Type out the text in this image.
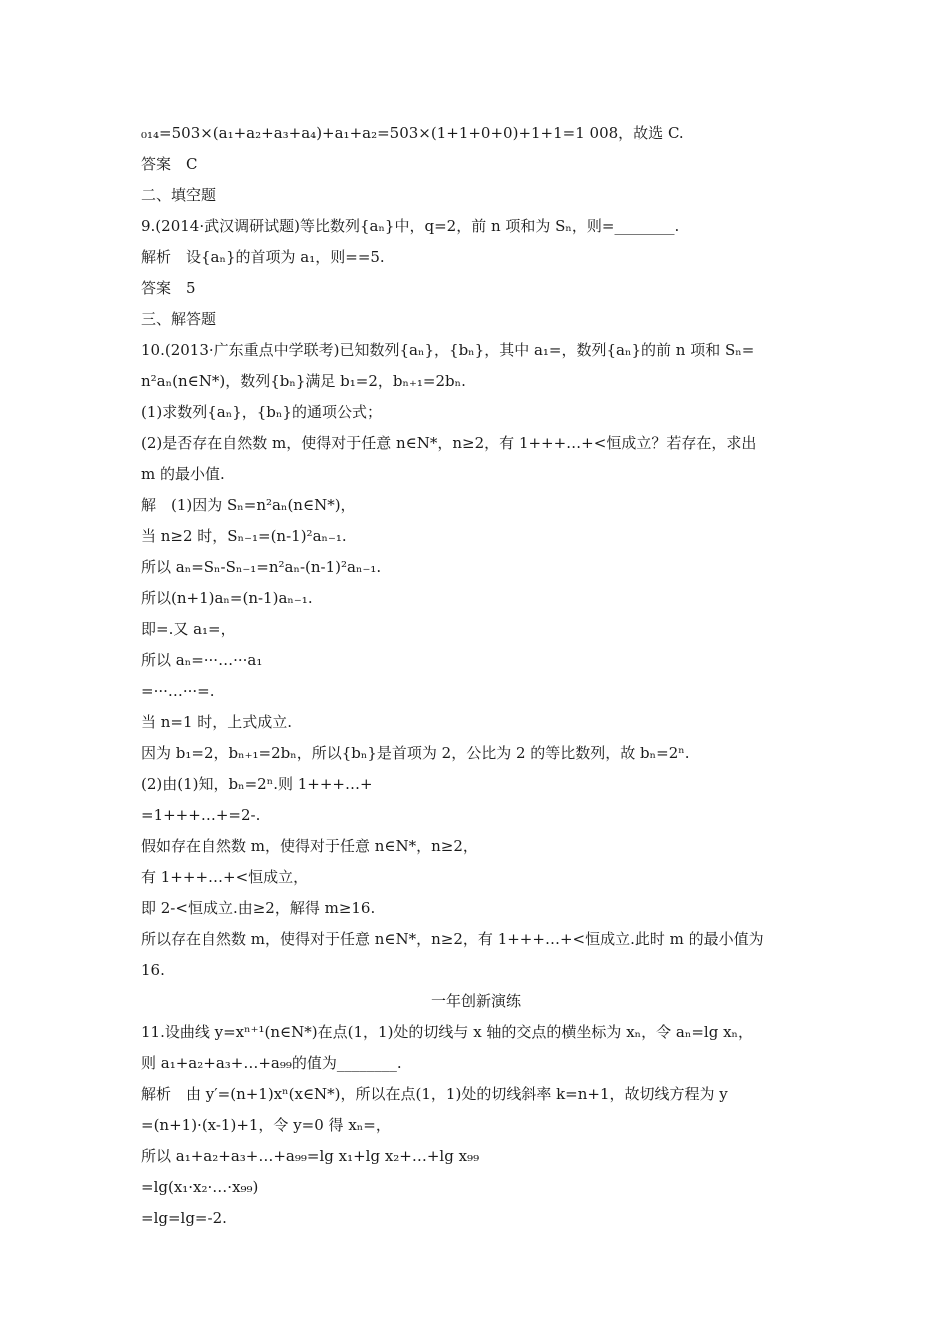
₀₁₄=503×(a₁+a₂+a₃+a₄)+a₁+a₂=503×(1+1+0+0)+1+1=1 008，故选 C.
答案　C
二、填空题
9.(2014·武汉调研试题)等比数列{aₙ}中，q=2，前 n 项和为 Sₙ，则=________.
解析　设{aₙ}的首项为 a₁，则==5.
答案　5
三、解答题
10.(2013·广东重点中学联考)已知数列{aₙ}，{bₙ}，其中 a₁=，数列{aₙ}的前 n 项和 Sₙ=
n²aₙ(n∈N*)，数列{bₙ}满足 b₁=2，bₙ₊₁=2bₙ.
(1)求数列{aₙ}，{bₙ}的通项公式；
(2)是否存在自然数 m，使得对于任意 n∈N*，n≥2，有 1+++…+<恒成立？若存在，求出
m 的最小值.
解　(1)因为 Sₙ=n²aₙ(n∈N*)，
当 n≥2 时，Sₙ₋₁=(n-1)²aₙ₋₁.
所以 aₙ=Sₙ-Sₙ₋₁=n²aₙ-(n-1)²aₙ₋₁.
所以(n+1)aₙ=(n-1)aₙ₋₁.
即=.又 a₁=，
所以 aₙ=···…···a₁
=···…···=.
当 n=1 时，上式成立.
因为 b₁=2，bₙ₊₁=2bₙ，所以{bₙ}是首项为 2，公比为 2 的等比数列，故 bₙ=2ⁿ.
(2)由(1)知，bₙ=2ⁿ.则 1+++…+
=1+++…+=2-.
假如存在自然数 m，使得对于任意 n∈N*，n≥2，
有 1+++…+<恒成立，
即 2-<恒成立.由≥2，解得 m≥16.
所以存在自然数 m，使得对于任意 n∈N*，n≥2，有 1+++…+<恒成立.此时 m 的最小值为
16.
一年创新演练
11.设曲线 y=xⁿ⁺¹(n∈N*)在点(1，1)处的切线与 x 轴的交点的横坐标为 xₙ，令 aₙ=lg xₙ，
则 a₁+a₂+a₃+…+a₉₉的值为________.
解析　由 y′=(n+1)xⁿ(x∈N*)，所以在点(1，1)处的切线斜率 k=n+1，故切线方程为 y
=(n+1)·(x-1)+1，令 y=0 得 xₙ=，
所以 a₁+a₂+a₃+…+a₉₉=lg x₁+lg x₂+…+lg x₉₉
=lg(x₁·x₂·…·x₉₉)
=lg=lg=-2.
